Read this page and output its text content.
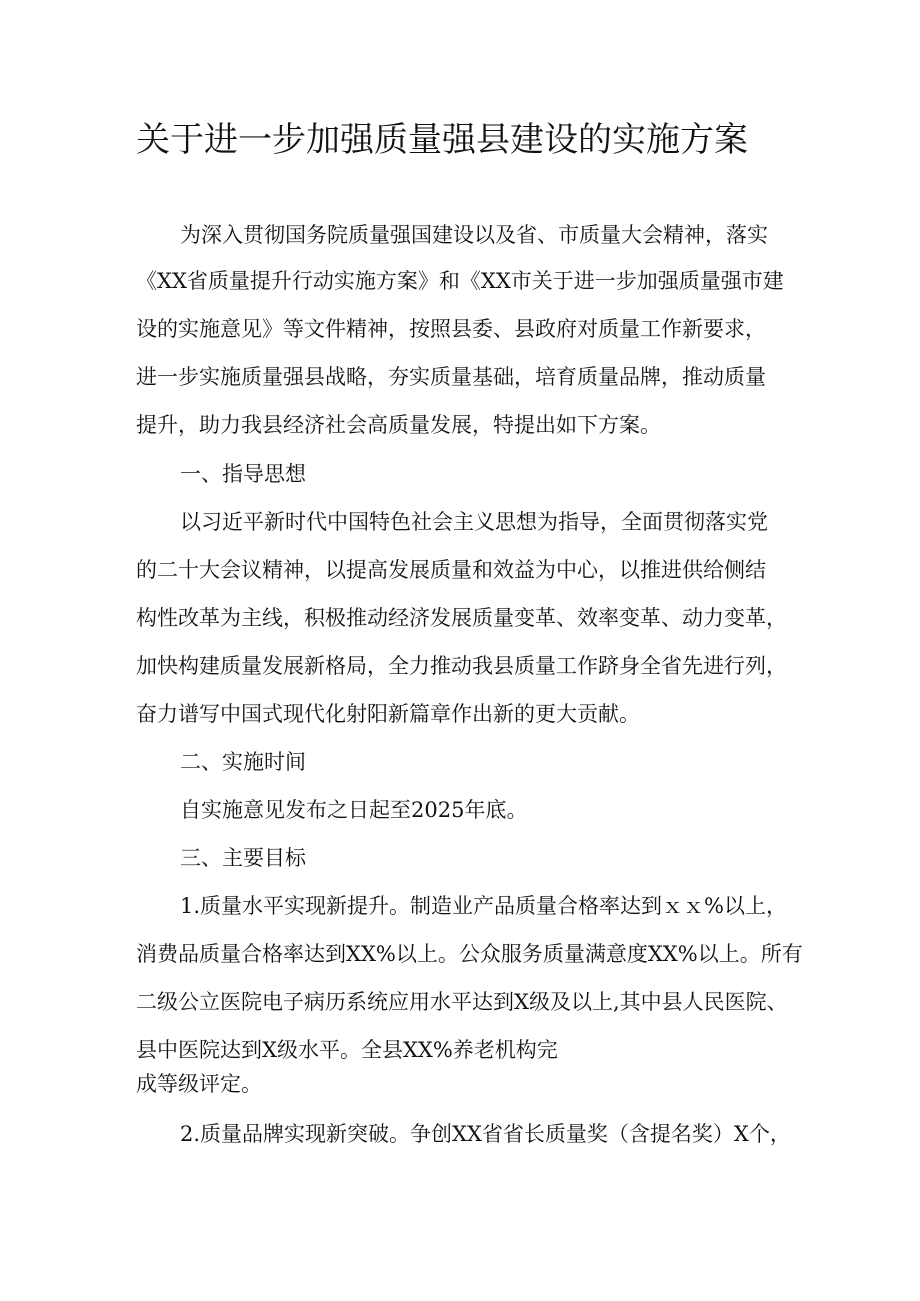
关于进一步加强质量强县建设的实施方案

为深入贯彻国务院质量强国建设以及省、市质量大会精神，落实

《XX省质量提升行动实施方案》和《XX市关于进一步加强质量强市建

设的实施意见》等文件精神，按照县委、县政府对质量工作新要求，

进一步实施质量强县战略，夯实质量基础，培育质量品牌，推动质量

提升，助力我县经济社会高质量发展，特提出如下方案。

一、指导思想

以习近平新时代中国特色社会主义思想为指导，全面贯彻落实党

的二十大会议精神，以提高发展质量和效益为中心，以推进供给侧结

构性改革为主线，积极推动经济发展质量变革、效率变革、动力变革，

加快构建质量发展新格局，全力推动我县质量工作跻身全省先进行列，

奋力谱写中国式现代化射阳新篇章作出新的更大贡献。

二、实施时间

自实施意见发布之日起至2025年底。

三、主要目标

1.质量水平实现新提升。制造业产品质量合格率达到ｘｘ%以上，

消费品质量合格率达到XX%以上。公众服务质量满意度XX%以上。所有

二级公立医院电子病历系统应用水平达到X级及以上,其中县人民医院、

县中医院达到X级水平。全县XX%养老机构完

成等级评定。

2.质量品牌实现新突破。争创XX省省长质量奖（含提名奖）X个，
